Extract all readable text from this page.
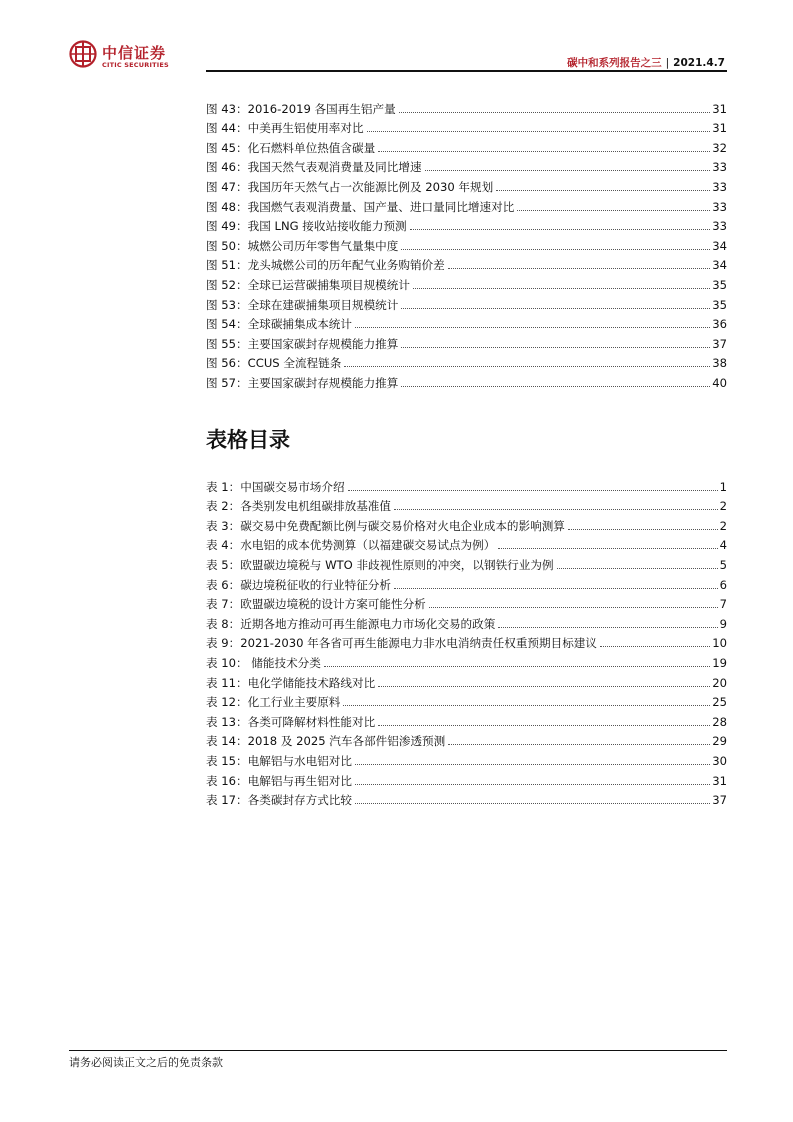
中信证券
CITIC SECURITIES	碳中和系列报告之三 | 2021.4.7
图 43：2016-2019 各国再生铝产量	31
图 44：中美再生铝使用率对比	31
图 45：化石燃料单位热值含碳量	32
图 46：我国天然气表观消费量及同比增速	33
图 47：我国历年天然气占一次能源比例及 2030 年规划	33
图 48：我国燃气表观消费量、国产量、进口量同比增速对比	33
图 49：我国 LNG 接收站接收能力预测	33
图 50：城燃公司历年零售气量集中度	34
图 51：龙头城燃公司的历年配气业务购销价差	34
图 52：全球已运营碳捕集项目规模统计	35
图 53：全球在建碳捕集项目规模统计	35
图 54：全球碳捕集成本统计	36
图 55：主要国家碳封存规模能力推算	37
图 56：CCUS 全流程链条	38
图 57：主要国家碳封存规模能力推算	40
表格目录
表 1：中国碳交易市场介绍	1
表 2：各类别发电机组碳排放基准值	2
表 3：碳交易中免费配额比例与碳交易价格对火电企业成本的影响测算	2
表 4：水电铝的成本优势测算（以福建碳交易试点为例）	4
表 5：欧盟碳边境税与 WTO 非歧视性原则的冲突，以钢铁行业为例	5
表 6：碳边境税征收的行业特征分析	6
表 7：欧盟碳边境税的设计方案可能性分析	7
表 8：近期各地方推动可再生能源电力市场化交易的政策	9
表 9：2021-2030 年各省可再生能源电力非水电消纳责任权重预期目标建议	10
表 10： 储能技术分类	19
表 11：电化学储能技术路线对比	20
表 12：化工行业主要原料	25
表 13：各类可降解材料性能对比	28
表 14：2018 及 2025 汽车各部件铝渗透预测	29
表 15：电解铝与水电铝对比	30
表 16：电解铝与再生铝对比	31
表 17：各类碳封存方式比较	37
请务必阅读正文之后的免责条款
